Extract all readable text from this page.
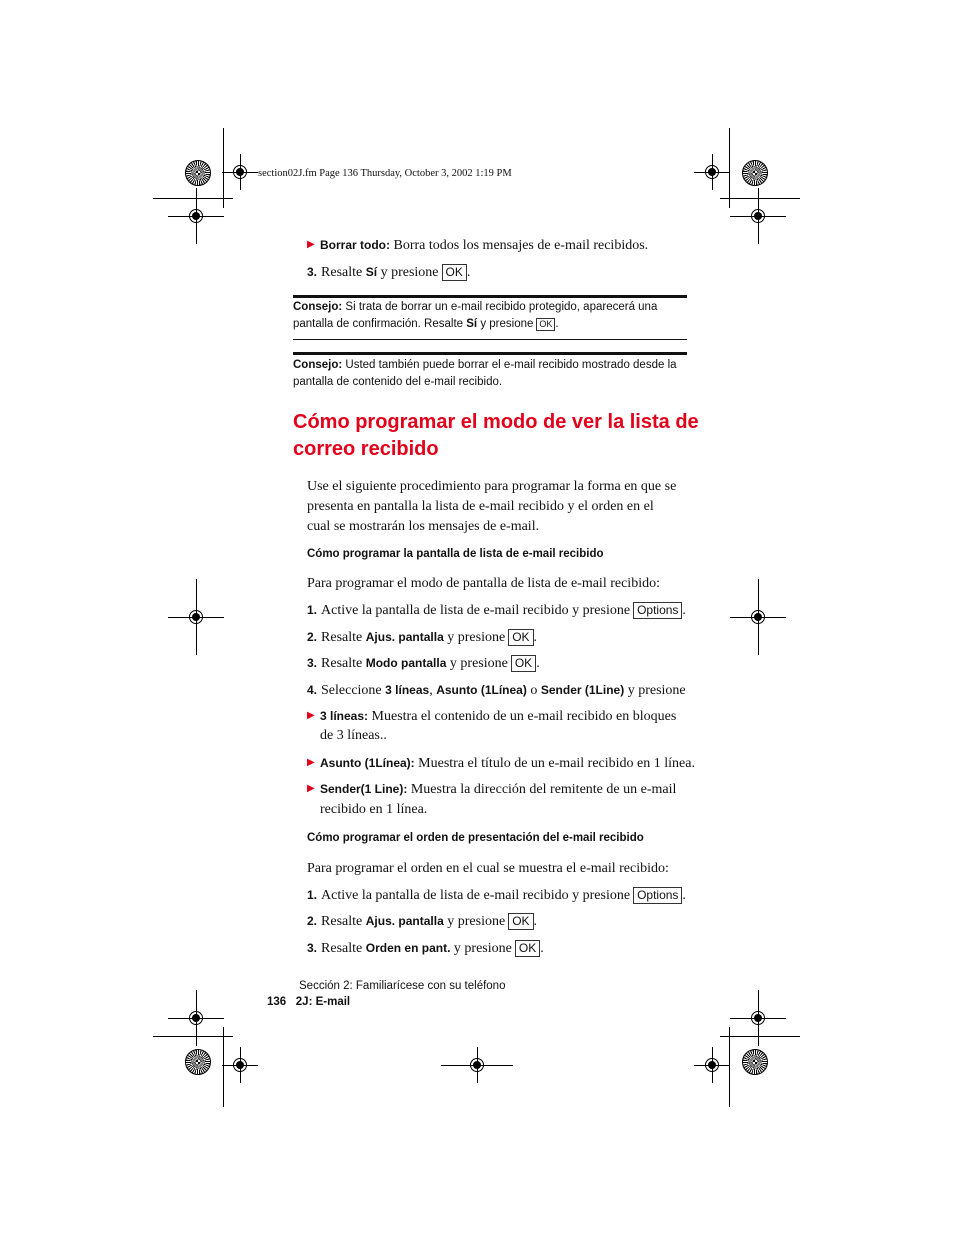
section02J.fm Page 136 Thursday, October 3, 2002 1:19 PM
▶ Borrar todo: Borra todos los mensajes de e-mail recibidos.
3. Resalte Sí y presione OK .
Consejo: Si trata de borrar un e-mail recibido protegido, aparecerá una pantalla de confirmación. Resalte Sí y presione OK .
Consejo: Usted también puede borrar el e-mail recibido mostrado desde la pantalla de contenido del e-mail recibido.
Cómo programar el modo de ver la lista de correo recibido
Use el siguiente procedimiento para programar la forma en que se presenta en pantalla la lista de e-mail recibido y el orden en el cual se mostrarán los mensajes de e-mail.
Cómo programar la pantalla de lista de e-mail recibido
Para programar el modo de pantalla de lista de e-mail recibido:
1. Active la pantalla de lista de e-mail recibido y presione Options .
2. Resalte Ajus. pantalla y presione OK .
3. Resalte Modo pantalla y presione OK .
4. Seleccione 3 líneas, Asunto (1Línea) o Sender (1Line) y presione
▶ 3 líneas: Muestra el contenido de un e-mail recibido en bloques
de 3 líneas..
▶ Asunto (1Línea): Muestra el título de un e-mail recibido en 1 línea.
▶ Sender(1 Line): Muestra la dirección del remitente de un e-mail
recibido en 1 línea.
Cómo programar el orden de presentación del e-mail recibido
Para programar el orden en el cual se muestra el e-mail recibido:
1. Active la pantalla de lista de e-mail recibido y presione Options .
2. Resalte Ajus. pantalla y presione OK .
3. Resalte Orden en pant. y presione OK .
Sección 2: Familiarícese con su teléfono
136 2J: E-mail
